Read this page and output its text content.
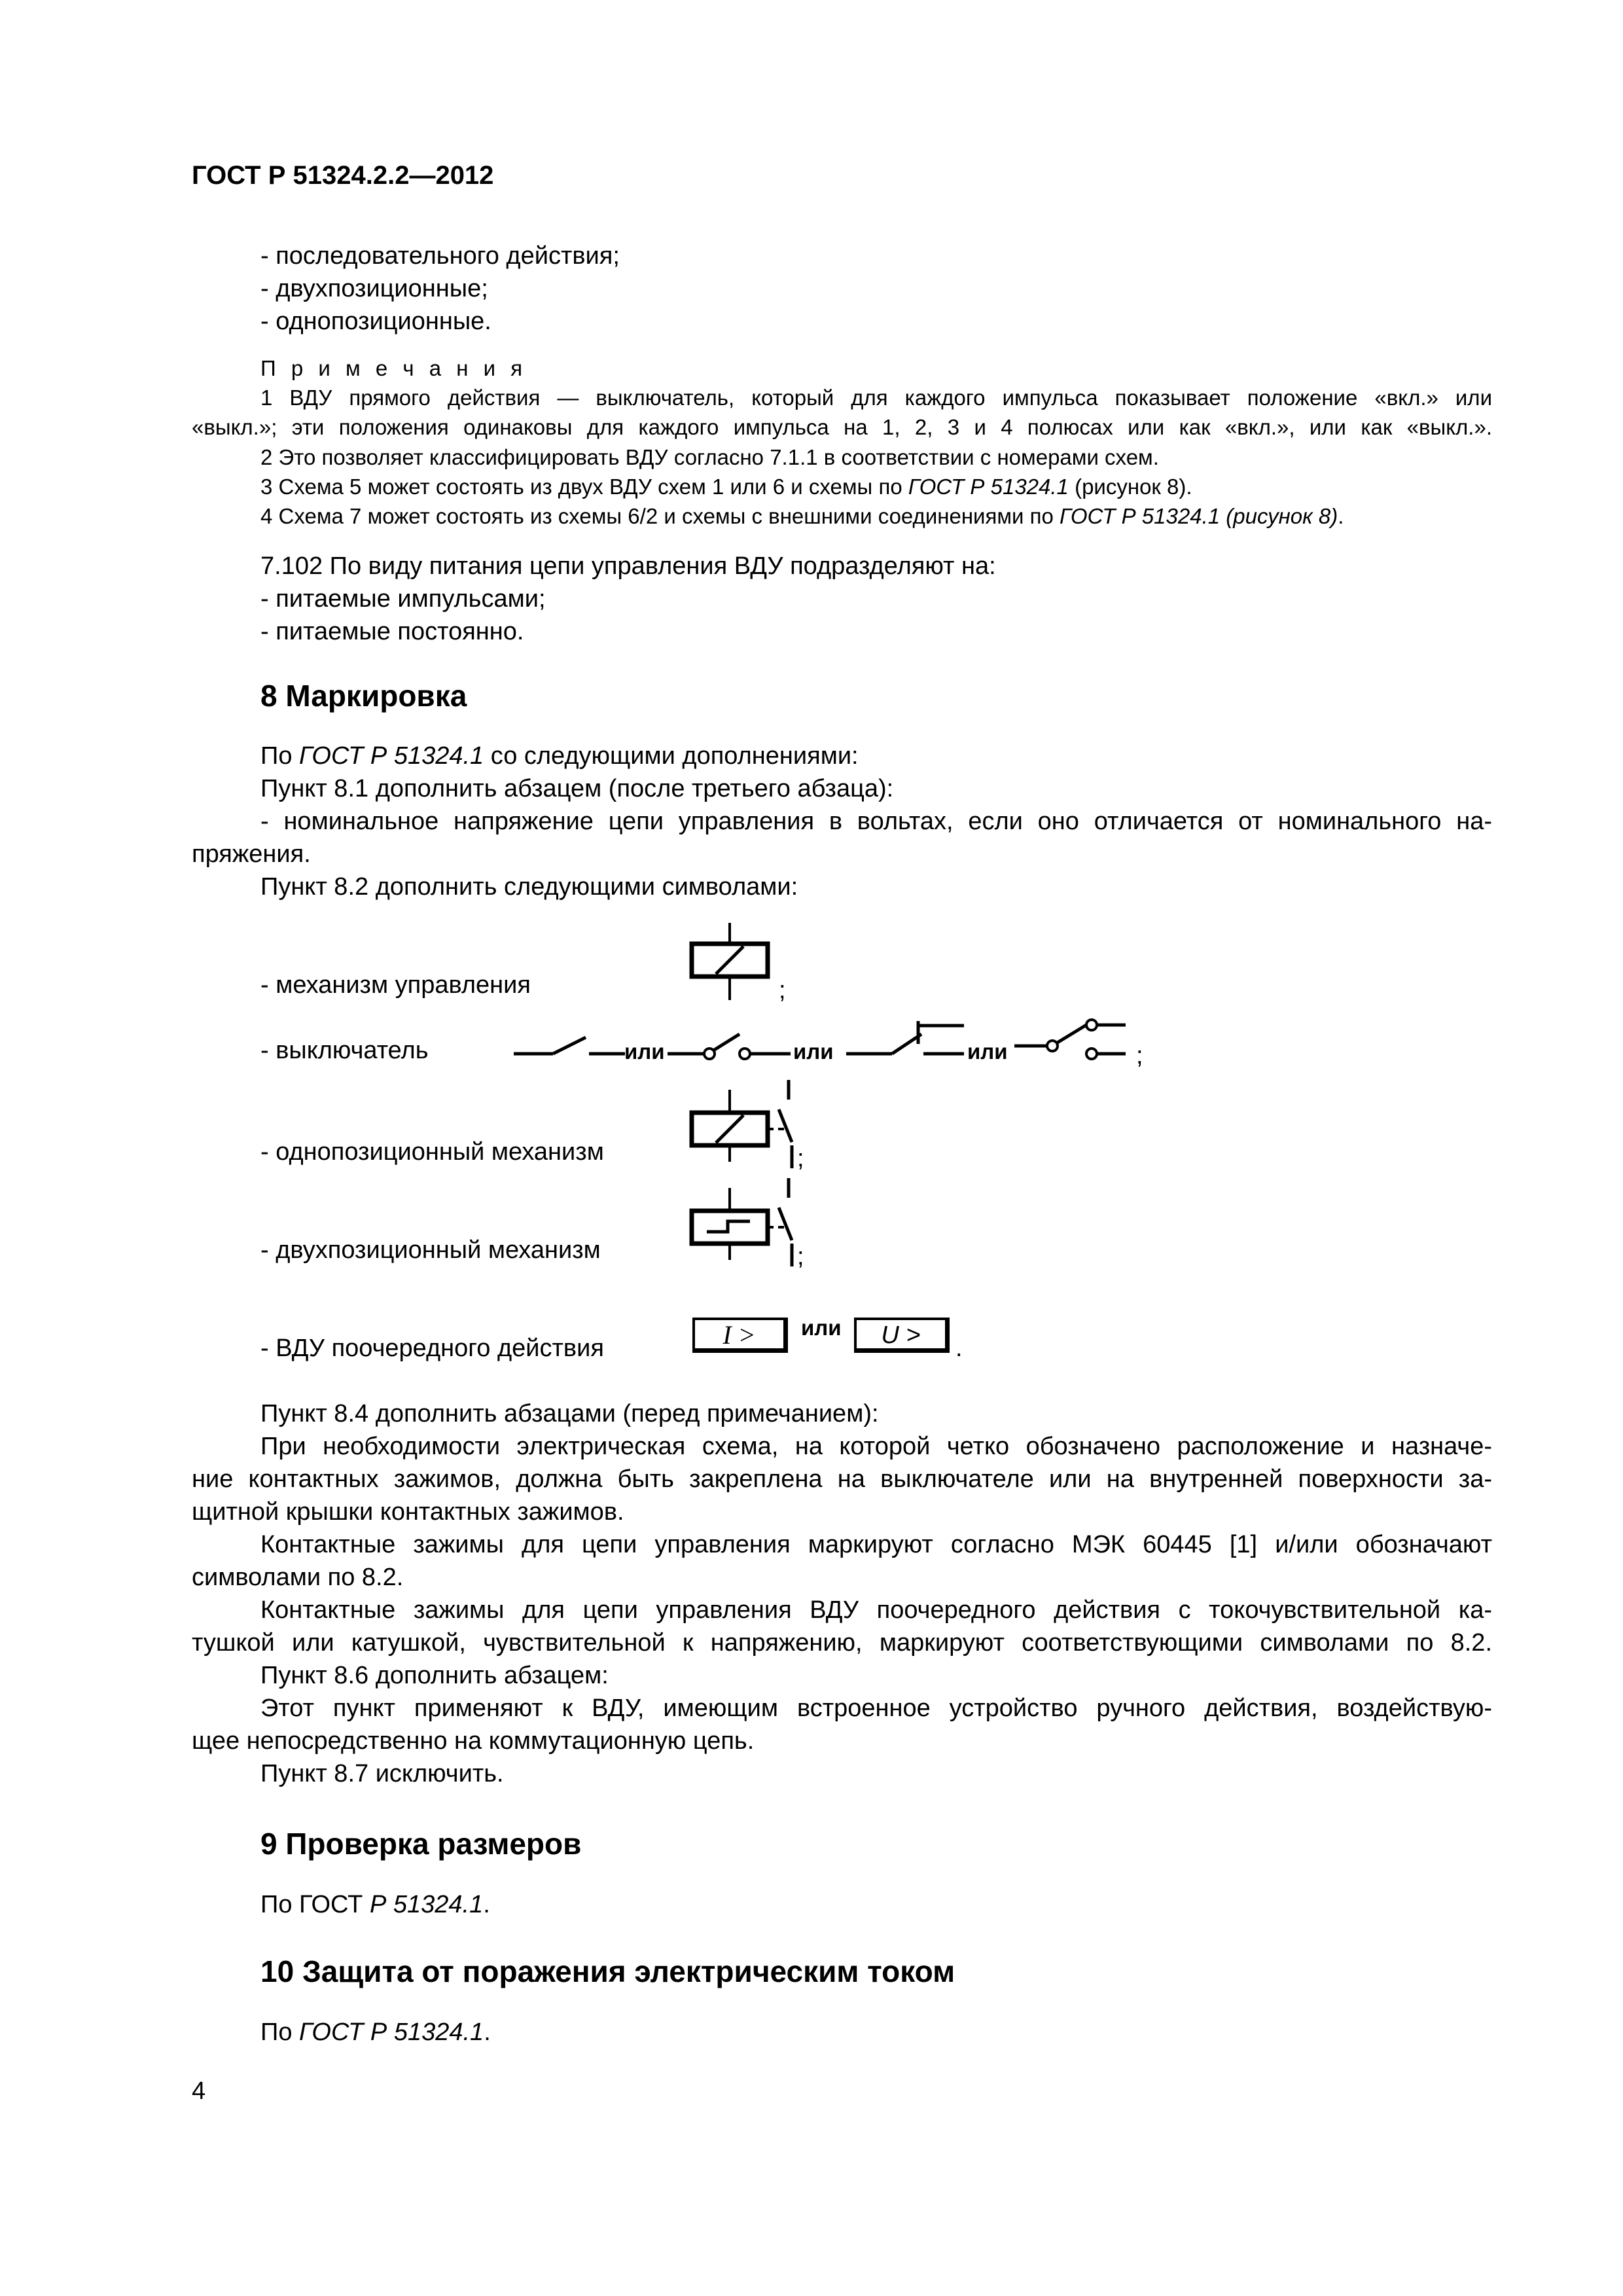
ГОСТ Р 51324.2.2—2012
- последовательного действия;
- двухпозиционные;
- однопозиционные.
П р и м е ч а н и я
1 ВДУ прямого действия — выключатель, который для каждого импульса показывает положение «вкл.» или
«выкл.»; эти положения одинаковы для каждого импульса на 1, 2, 3 и 4 полюсах или как «вкл.», или как «выкл.».
2 Это позволяет классифицировать ВДУ согласно 7.1.1 в соответствии с номерами схем.
3 Схема 5 может состоять из двух ВДУ схем 1 или 6 и схемы по ГОСТ Р 51324.1 (рисунок 8).
4 Схема 7 может состоять из схемы 6/2 и схемы с внешними соединениями по ГОСТ Р 51324.1 (рисунок 8).
7.102 По виду питания цепи управления ВДУ подразделяют на:
- питаемые импульсами;
- питаемые постоянно.
8 Маркировка
По ГОСТ Р 51324.1 со следующими дополнениями:
Пункт 8.1 дополнить абзацем (после третьего абзаца):
- номинальное напряжение цепи управления в вольтах, если оно отличается от номинального на-
пряжения.
Пункт 8.2 дополнить следующими символами:
- механизм управления
- выключатель
- однопозиционный механизм
- двухпозиционный механизм
- ВДУ поочередного действия
;
или	или	или	;
;
;
I >	или	U >	.
Пункт 8.4 дополнить абзацами (перед примечанием):
При необходимости электрическая схема, на которой четко обозначено расположение и назначе-
ние контактных зажимов, должна быть закреплена на выключателе или на внутренней поверхности за-
щитной крышки контактных зажимов.
Контактные зажимы для цепи управления маркируют согласно МЭК 60445 [1] и/или обозначают
символами по 8.2.
Контактные зажимы для цепи управления ВДУ поочередного действия с токочувствительной ка-
тушкой или катушкой, чувствительной к напряжению, маркируют соответствующими символами по 8.2.
Пункт 8.6 дополнить абзацем:
Этот пункт применяют к ВДУ, имеющим встроенное устройство ручного действия, воздействую-
щее непосредственно на коммутационную цепь.
Пункт 8.7 исключить.
9 Проверка размеров
По ГОСТ Р 51324.1.
10 Защита от поражения электрическим током
По ГОСТ Р 51324.1.
4
